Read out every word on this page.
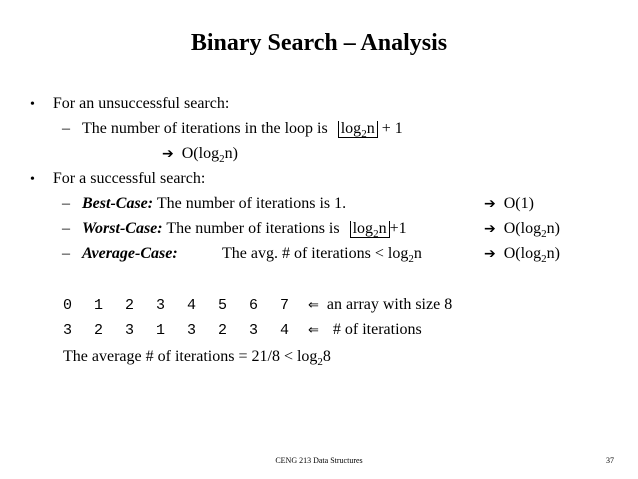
Binary Search – Analysis
• For an unsuccessful search:
– The number of iterations in the loop is $\log_2n + 1$
➔ $O(\log_2n)$
• For a successful search:
– Best-Case: The number of iterations is 1.	➔ O(1)
– Worst-Case: The number of iterations is $\log_2n +1$	➔ $O(\log_2n)$
– Average-Case:	The avg. # of iterations < $\log_2n$	➔ $O(\log_2n)$
0 1 2 3 4 5 6 7 ⇐ an array with size 8
3 2 3 1 3 2 3 4 ⇐ # of iterations
The average # of iterations = $21/8 < \log_28$
CENG 213 Data Structures	37
